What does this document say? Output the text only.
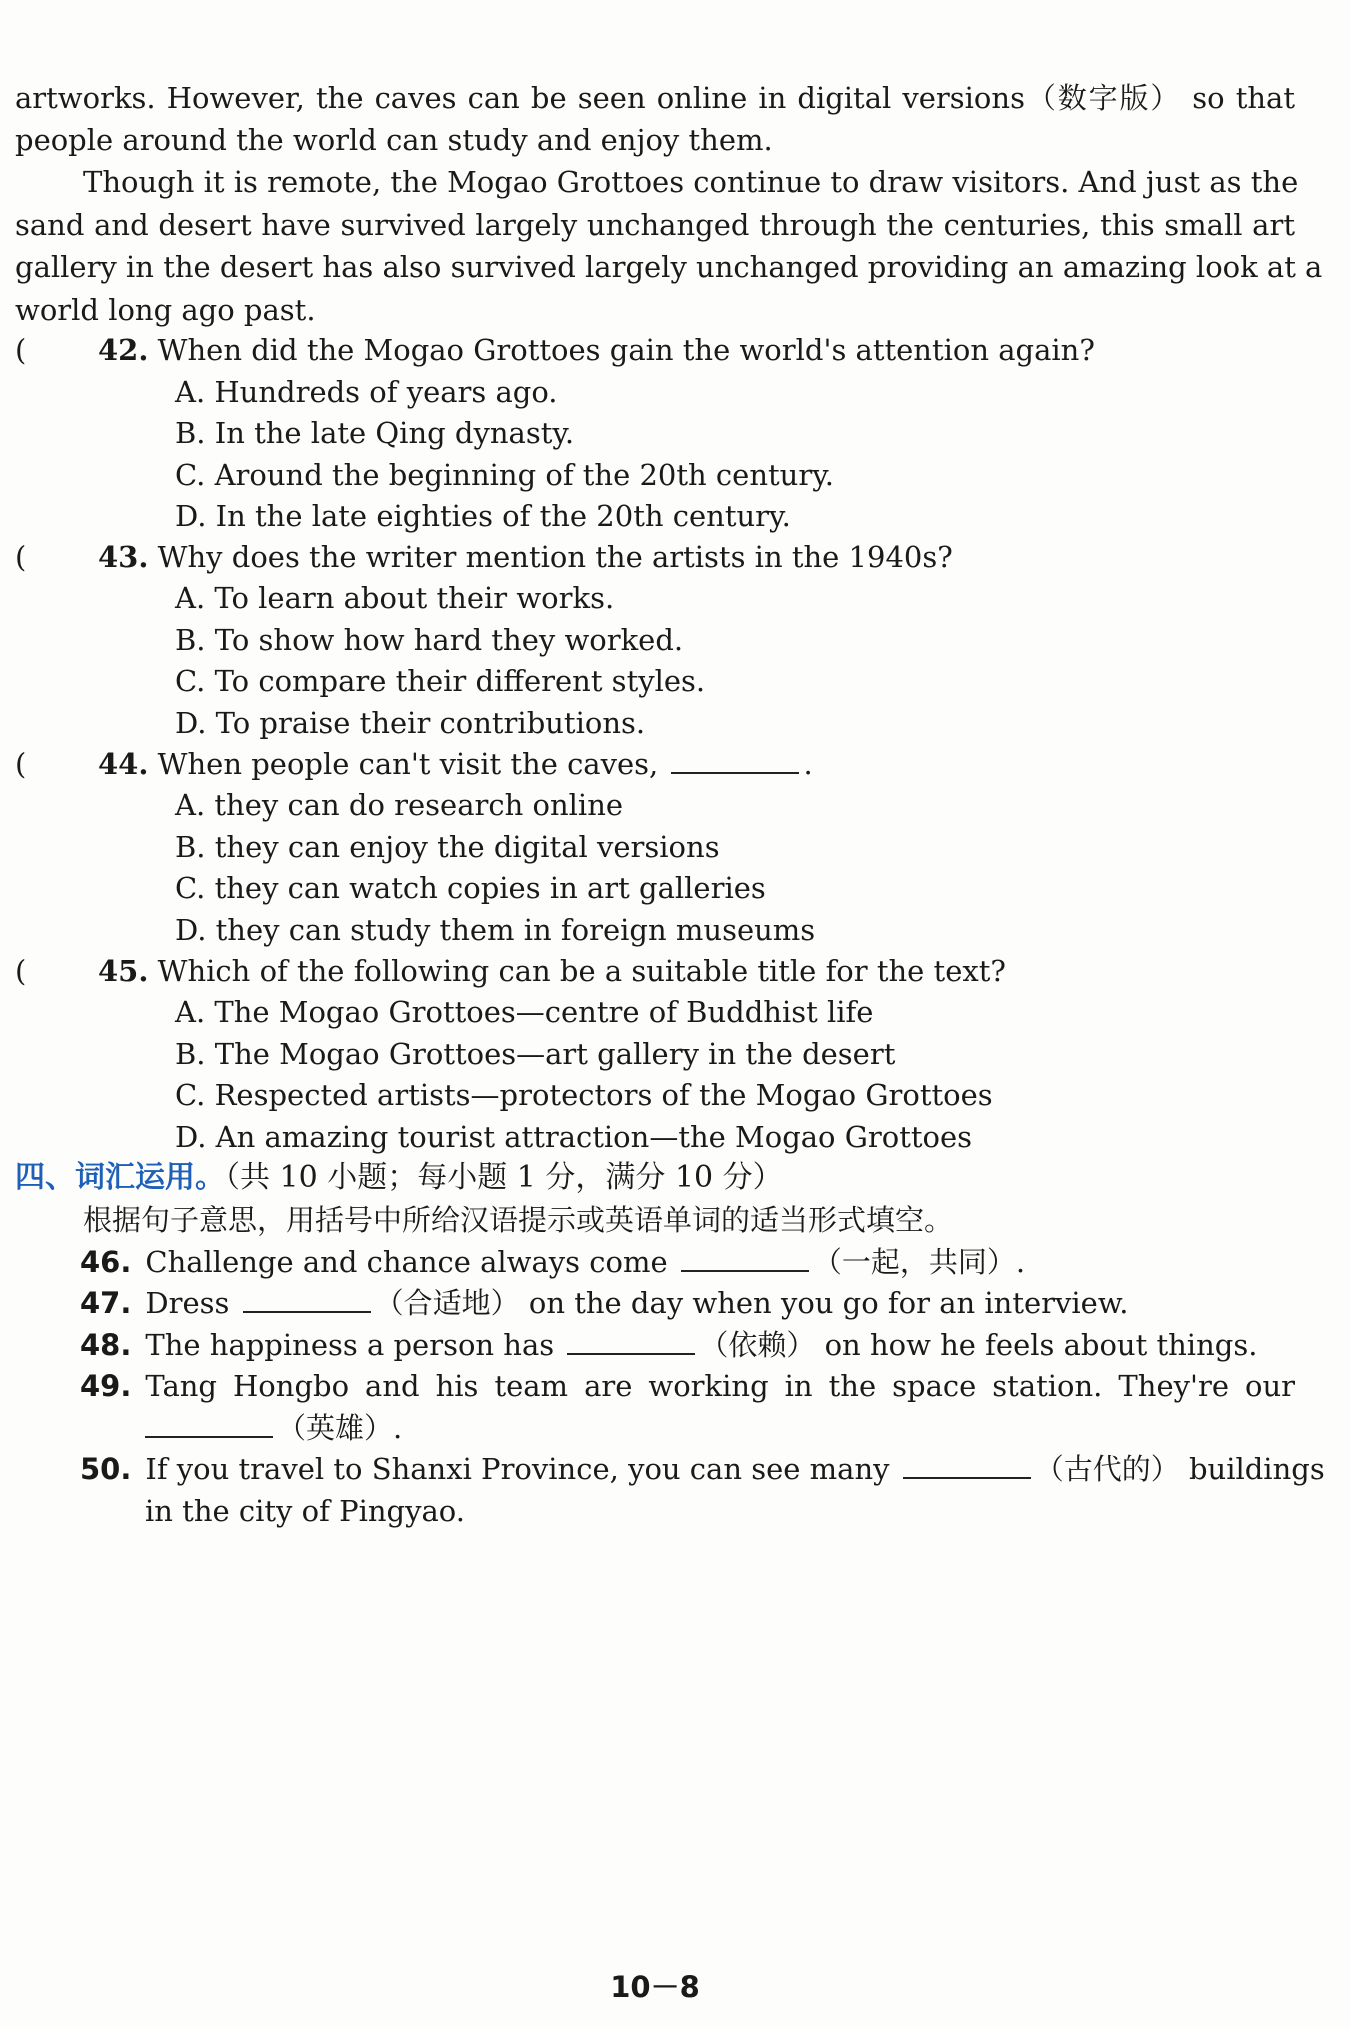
artworks. However, the caves can be seen online in digital versions（数字版） so that
people around the world can study and enjoy them.
Though it is remote, the Mogao Grottoes continue to draw visitors. And just as the
sand and desert have survived largely unchanged through the centuries, this small art
gallery in the desert has also survived largely unchanged providing an amazing look at a
world long ago past.
( 42. When did the Mogao Grottoes gain the world's attention again?
A. Hundreds of years ago.
B. In the late Qing dynasty.
C. Around the beginning of the 20th century.
D. In the late eighties of the 20th century.
( 43. Why does the writer mention the artists in the 1940s?
A. To learn about their works.
B. To show how hard they worked.
C. To compare their different styles.
D. To praise their contributions.
( 44. When people can't visit the caves,	.
A. they can do research online
B. they can enjoy the digital versions
C. they can watch copies in art galleries
D. they can study them in foreign museums
( 45. Which of the following can be a suitable title for the text?
A. The Mogao Grottoes—centre of Buddhist life
B. The Mogao Grottoes—art gallery in the desert
C. Respected artists—protectors of the Mogao Grottoes
D. An amazing tourist attraction—the Mogao Grottoes
四、词汇运用。（共 10 小题；每小题 1 分，满分 10 分）
根据句子意思，用括号中所给汉语提示或英语单词的适当形式填空。
46. Challenge and chance always come	（一起，共同）.
47. Dress	（合适地） on the day when you go for an interview.
48. The happiness a person has	（依赖） on how he feels about things.
49. Tang Hongbo and his team are working in the space station. They're our
（英雄）.
50. If you travel to Shanxi Province, you can see many	（古代的） buildings
in the city of Pingyao.
10－8
